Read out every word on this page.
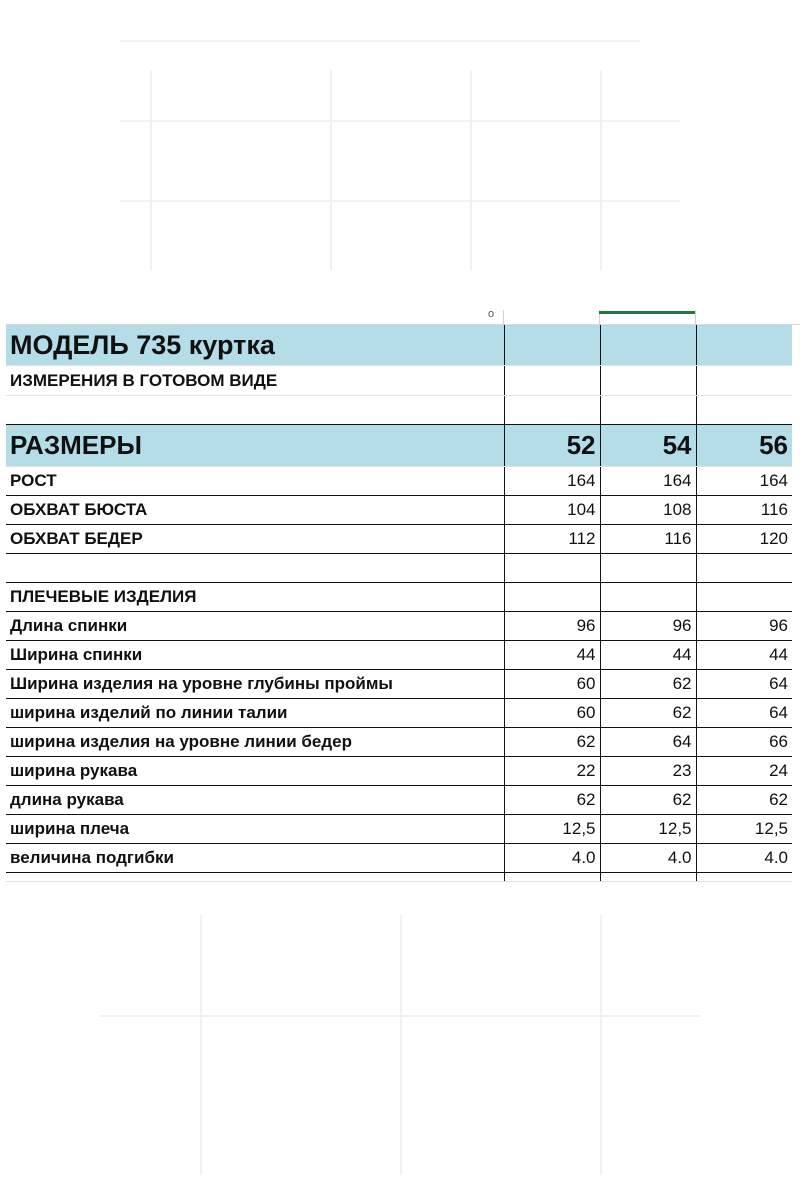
о
МОДЕЛЬ 735 куртка			
ИЗМЕРЕНИЯ В ГОТОВОМ ВИДЕ			

РАЗМЕРЫ	52	54	56
РОСТ	164	164	164
ОБХВАТ БЮСТА	104	108	116
ОБХВАТ БЕДЕР	112	116	120

ПЛЕЧЕВЫЕ ИЗДЕЛИЯ			
Длина спинки	96	96	96
Ширина спинки	44	44	44
Ширина изделия на уровне глубины проймы	60	62	64
ширина изделий по линии талии	60	62	64
ширина изделия на уровне линии бедер	62	64	66
ширина рукава	22	23	24
длина рукава	62	62	62
ширина плеча	12,5	12,5	12,5
величина подгибки	4.0	4.0	4.0
